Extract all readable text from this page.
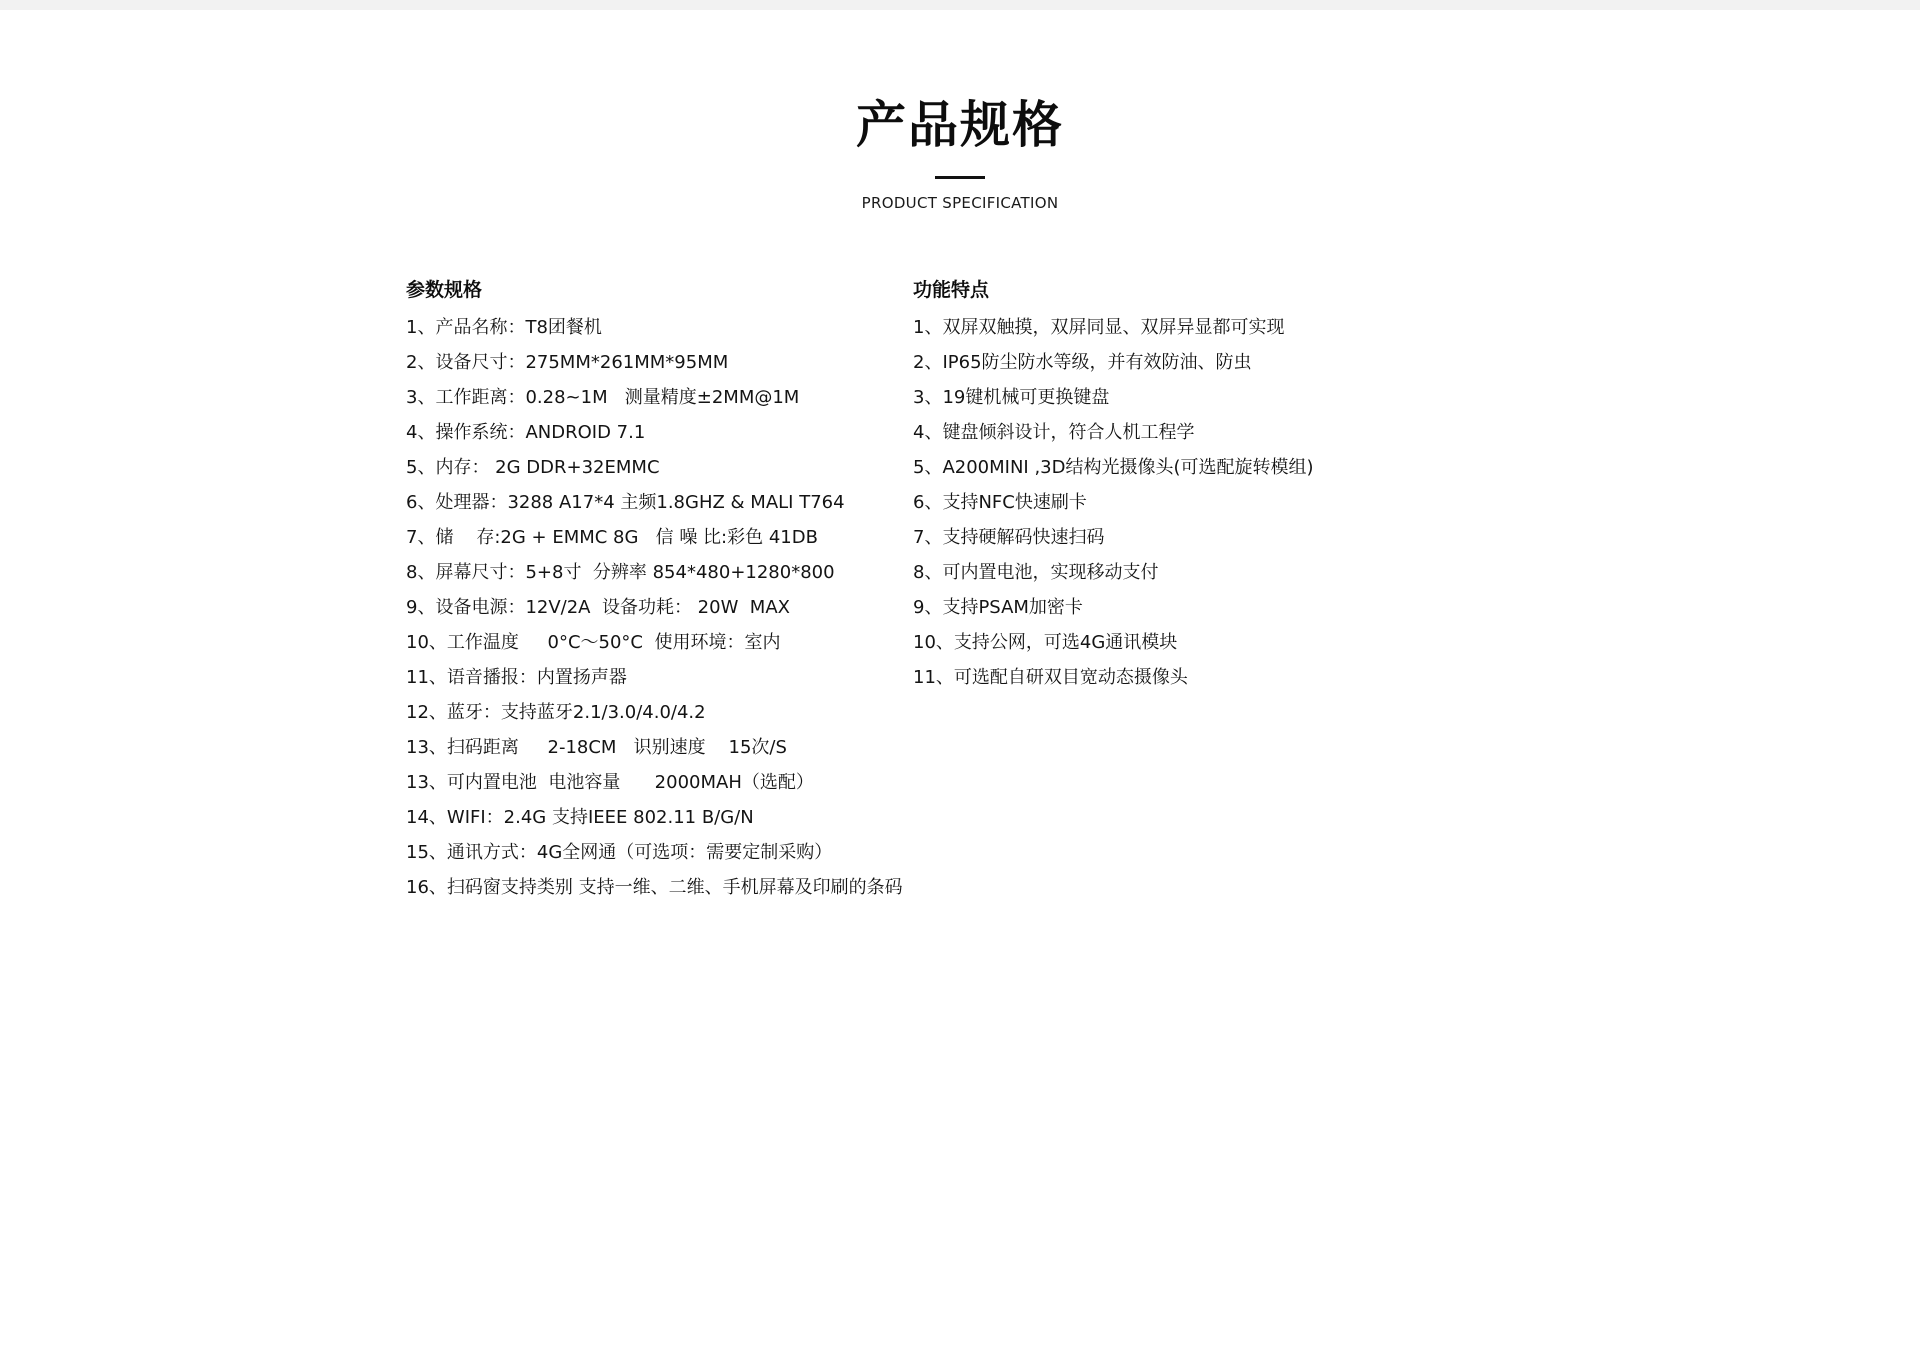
产品规格
PRODUCT SPECIFICATION
参数规格
1、产品名称：T8团餐机
2、设备尺寸：275MM*261MM*95MM
3、工作距离：0.28~1M   测量精度±2MM@1M
4、操作系统：ANDROID 7.1
5、内存： 2G DDR+32EMMC
6、处理器：3288 A17*4 主频1.8GHZ & MALI T764
7、储    存:2G + EMMC 8G   信 噪 比:彩色 41DB
8、屏幕尺寸：5+8寸  分辨率 854*480+1280*800
9、设备电源：12V/2A  设备功耗： 20W  MAX
10、工作温度     0°C～50°C  使用环境：室内
11、语音播报：内置扬声器
12、蓝牙：支持蓝牙2.1/3.0/4.0/4.2
13、扫码距离     2-18CM   识别速度    15次/S
13、可内置电池  电池容量      2000MAH（选配）
14、WIFI：2.4G 支持IEEE 802.11 B/G/N
15、通讯方式：4G全网通（可选项：需要定制采购）
16、扫码窗支持类别 支持一维、二维、手机屏幕及印刷的条码
功能特点
1、双屏双触摸，双屏同显、双屏异显都可实现
2、IP65防尘防水等级，并有效防油、防虫
3、19键机械可更换键盘
4、键盘倾斜设计，符合人机工程学
5、A200MINI ,3D结构光摄像头(可选配旋转模组)
6、支持NFC快速刷卡
7、支持硬解码快速扫码
8、可内置电池，实现移动支付
9、支持PSAM加密卡
10、支持公网，可选4G通讯模块
11、可选配自研双目宽动态摄像头
